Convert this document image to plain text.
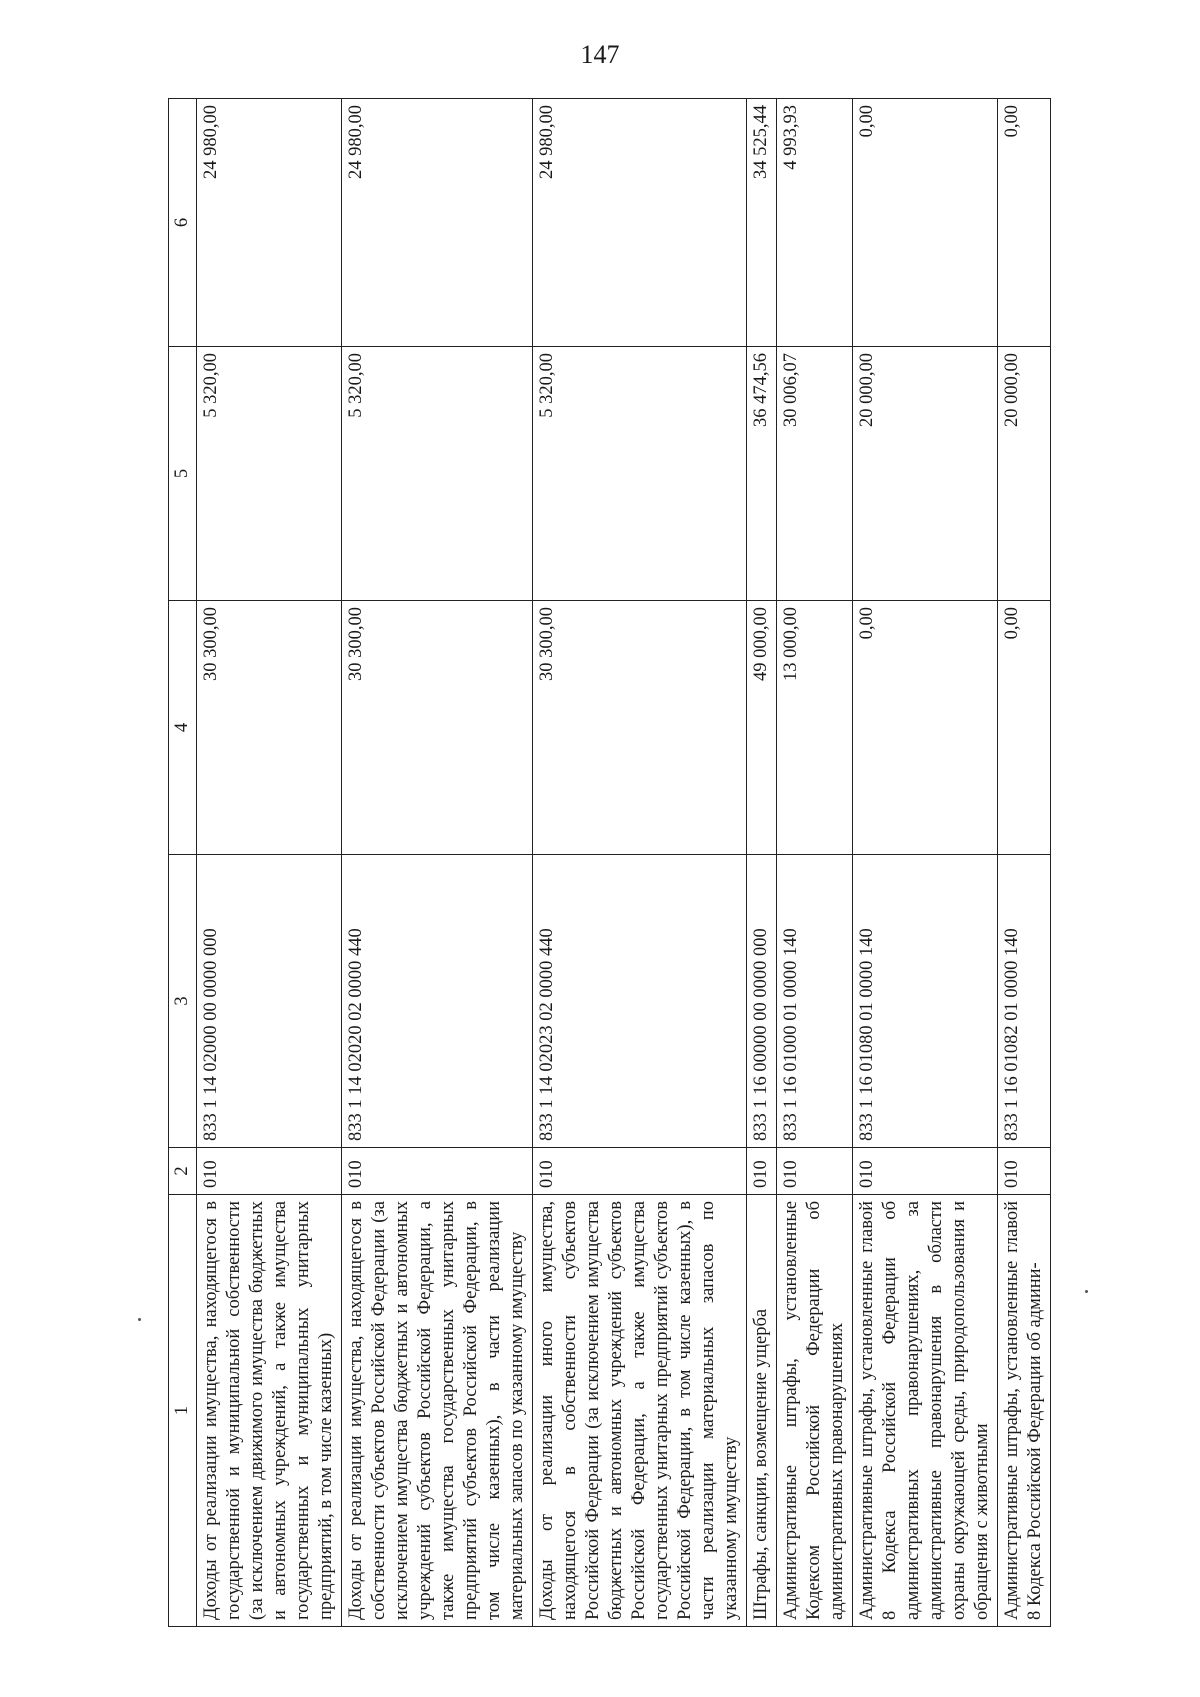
147
1	2	3	4	5	6
Доходы от реализации имущества, находящегося в государственной и муниципальной собственности (за исключением движимого имущества бюджетных и автономных учреждений, а также имущества государственных и муниципальных унитарных предприятий, в том числе казенных)	010	833 1 14 02000 00 0000 000	30 300,00	5 320,00	24 980,00
Доходы от реализации имущества, находящегося в собственности субъектов Российской Федерации (за исключением имущества бюджетных и автономных учреждений субъектов Российской Федерации, а также имущества государственных унитарных предприятий субъектов Российской Федерации, в том числе казенных), в части реализации материальных запасов по указанному имуществу	010	833 1 14 02020 02 0000 440	30 300,00	5 320,00	24 980,00
Доходы от реализации иного имущества, находящегося в собственности субъектов Российской Федерации (за исключением имущества бюджетных и автономных учреждений субъектов Российской Федерации, а также имущества государственных унитарных предприятий субъектов Российской Федерации, в том числе казенных), в части реализации материальных запасов по указанному имуществу	010	833 1 14 02023 02 0000 440	30 300,00	5 320,00	24 980,00
Штрафы, санкции, возмещение ущерба	010	833 1 16 00000 00 0000 000	49 000,00	36 474,56	34 525,44
Административные штрафы, установленные Кодексом Российской Федерации об административных правонарушениях	010	833 1 16 01000 01 0000 140	13 000,00	30 006,07	4 993,93
Административные штрафы, установленные главой 8 Кодекса Российской Федерации об административных правонарушениях, за административные правонарушения в области охраны окружающей среды, природопользования и обращения с животными	010	833 1 16 01080 01 0000 140	0,00	20 000,00	0,00
Административные штрафы, установленные главой 8 Кодекса Российской Федерации об админи-	010	833 1 16 01082 01 0000 140	0,00	20 000,00	0,00
